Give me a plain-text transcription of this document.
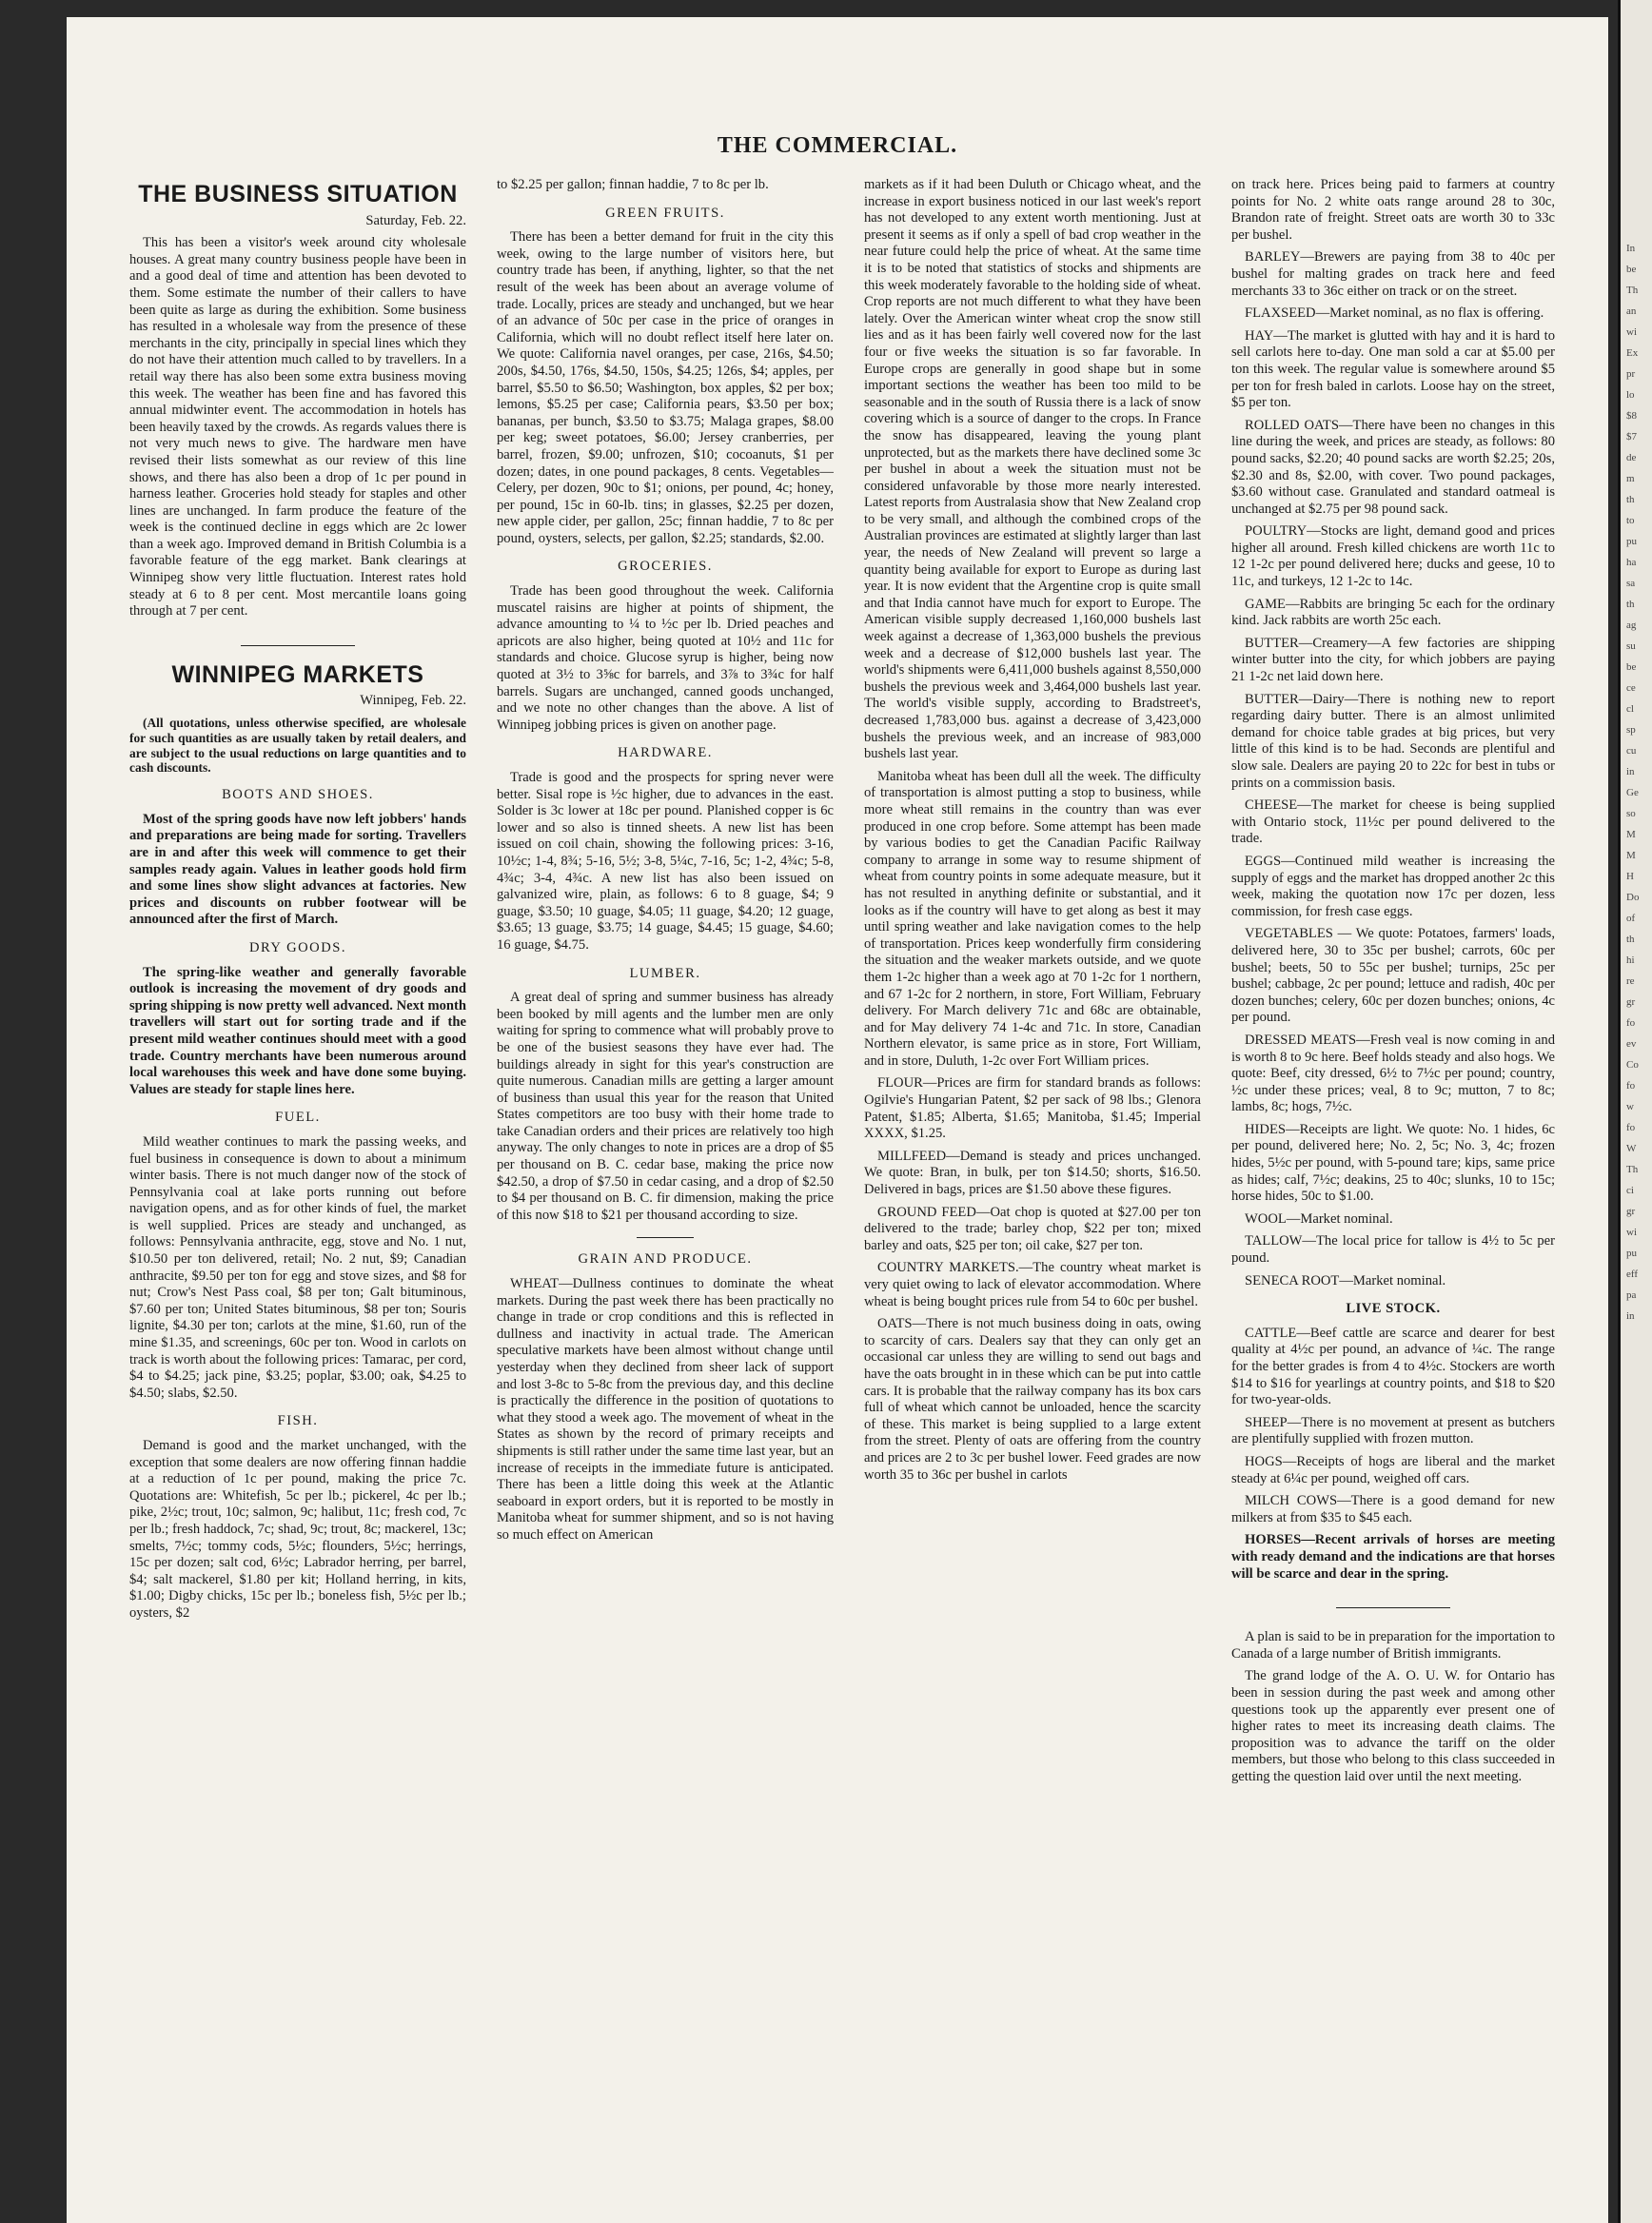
THE COMMERCIAL.
THE BUSINESS SITUATION
Saturday, Feb. 22.

This has been a visitor's week around city wholesale houses. A great many country business people have been in and a good deal of time and attention has been devoted to them. Some estimate the number of their callers to have been quite as large as during the exhibition. Some business has resulted in a wholesale way from the presence of these merchants in the city, principally in special lines which they do not have their attention much called to by travellers. In a retail way there has also been some extra business moving this week. The weather has been fine and has favored this annual midwinter event. The accommodation in hotels has been heavily taxed by the crowds. As regards values there is not very much news to give. The hardware men have revised their lists somewhat as our review of this line shows, and there has also been a drop of 1c per pound in harness leather. Groceries hold steady for staples and other lines are unchanged. In farm produce the feature of the week is the continued decline in eggs which are 2c lower than a week ago. Improved demand in British Columbia is a favorable feature of the egg market. Bank clearings at Winnipeg show very little fluctuation. Interest rates hold steady at 6 to 8 per cent. Most mercantile loans going through at 7 per cent.

WINNIPEG MARKETS
Winnipeg, Feb. 22.

(All quotations, unless otherwise specified, are wholesale for such quantities as are usually taken by retail dealers, and are subject to the usual reductions on large quantities and to cash discounts.

BOOTS AND SHOES.

Most of the spring goods have now left jobbers' hands and preparations are being made for sorting. Travellers are in and after this week will commence to get their samples ready again. Values in leather goods hold firm and some lines show slight advances at factories. New prices and discounts on rubber footwear will be announced after the first of March.

DRY GOODS.

The spring-like weather and generally favorable outlook is increasing the movement of dry goods and spring shipping is now pretty well advanced. Next month travellers will start out for sorting trade and if the present mild weather continues should meet with a good trade. Country merchants have been numerous around local warehouses this week and have done some buying. Values are steady for staple lines here.

FUEL.

Mild weather continues to mark the passing weeks, and fuel business in consequence is down to about a minimum winter basis. There is not much danger now of the stock of Pennsylvania coal at lake ports running out before navigation opens, and as for other kinds of fuel, the market is well supplied. Prices are steady and unchanged, as follows: Pennsylvania anthracite, egg, stove and No. 1 nut, $10.50 per ton delivered, retail; No. 2 nut, $9; Canadian anthracite, $9.50 per ton for egg and stove sizes, and $8 for nut; Crow's Nest Pass coal, $8 per ton; Galt bituminous, $7.60 per ton; United States bituminous, $8 per ton; Souris lignite, $4.30 per ton; carlots at the mine, $1.60, run of the mine $1.35, and screenings, 60c per ton. Wood in carlots on track is worth about the following prices: Tamarac, per cord, $4 to $4.25; jack pine, $3.25; poplar, $3.00; oak, $4.25 to $4.50; slabs, $2.50.

FISH.

Demand is good and the market unchanged, with the exception that some dealers are now offering finnan haddie at a reduction of 1c per pound, making the price 7c. Quotations are: Whitefish, 5c per lb.; pickerel, 4c per lb.; pike, 2½c; trout, 10c; salmon, 9c; halibut, 11c; fresh cod, 7c per lb.; fresh haddock, 7c; shad, 9c; trout, 8c; mackerel, 13c; smelts, 7½c; tommy cods, 5½c; flounders, 5½c; herrings, 15c per dozen; salt cod, 6½c; Labrador herring, per barrel, $4; salt mackerel, $1.80 per kit; Holland herring, in kits, $1.00; Digby chicks, 15c per lb.; boneless fish, 5½c per lb.; oysters, $2

to $2.25 per gallon; finnan haddie, 7 to 8c per lb.

GREEN FRUITS.

There has been a better demand for fruit in the city this week, owing to the large number of visitors here, but country trade has been, if anything, lighter, so that the net result of the week has been about an average volume of trade. Locally, prices are steady and unchanged, but we hear of an advance of 50c per case in the price of oranges in California, which will no doubt reflect itself here later on. We quote: California navel oranges, per case, 216s, $4.50; 200s, $4.50, 176s, $4.50, 150s, $4.25; 126s, $4; apples, per barrel, $5.50 to $6.50; Washington, box apples, $2 per box; lemons, $5.25 per case; California pears, $3.50 per box; bananas, per bunch, $3.50 to $3.75; Malaga grapes, $8.00 per keg; sweet potatoes, $6.00; Jersey cranberries, per barrel, frozen, $9.00; unfrozen, $10; cocoanuts, $1 per dozen; dates, in one pound packages, 8 cents. Vegetables—Celery, per dozen, 90c to $1; onions, per pound, 4c; honey, per pound, 15c in 60-lb. tins; in glasses, $2.25 per dozen, new apple cider, per gallon, 25c; finnan haddie, 7 to 8c per pound, oysters, selects, per gallon, $2.25; standards, $2.00.

GROCERIES.

Trade has been good throughout the week. California muscatel raisins are higher at points of shipment, the advance amounting to ¼ to ½c per lb. Dried peaches and apricots are also higher, being quoted at 10½ and 11c for standards and choice. Glucose syrup is higher, being now quoted at 3½ to 3⅝c for barrels, and 3⅞ to 3¾c for half barrels. Sugars are unchanged, canned goods unchanged, and we note no other changes than the above. A list of Winnipeg jobbing prices is given on another page.

HARDWARE.

Trade is good and the prospects for spring never were better. Sisal rope is ½c higher, due to advances in the east. Solder is 3c lower at 18c per pound. Planished copper is 6c lower and so also is tinned sheets. A new list has been issued on coil chain, showing the following prices: 3-16, 10½c; 1-4, 8¾; 5-16, 5½; 3-8, 5¼c, 7-16, 5c; 1-2, 4¾c; 5-8, 4¾c; 3-4, 4¾c. A new list has also been issued on galvanized wire, plain, as follows: 6 to 8 guage, $4; 9 guage, $3.50; 10 guage, $4.05; 11 guage, $4.20; 12 guage, $3.65; 13 guage, $3.75; 14 guage, $4.45; 15 guage, $4.60; 16 guage, $4.75.

LUMBER.

A great deal of spring and summer business has already been booked by mill agents and the lumber men are only waiting for spring to commence what will probably prove to be one of the busiest seasons they have ever had. The buildings already in sight for this year's construction are quite numerous. Canadian mills are getting a larger amount of business than usual this year for the reason that United States competitors are too busy with their home trade to take Canadian orders and their prices are relatively too high anyway. The only changes to note in prices are a drop of $5 per thousand on B. C. cedar base, making the price now $42.50, a drop of $7.50 in cedar casing, and a drop of $2.50 to $4 per thousand on B. C. fir dimension, making the price of this now $18 to $21 per thousand according to size.

GRAIN AND PRODUCE.

WHEAT—Dullness continues to dominate the wheat markets. During the past week there has been practically no change in trade or crop conditions and this is reflected in dullness and inactivity in actual trade. The American speculative markets have been almost without change until yesterday when they declined from sheer lack of support and lost 3-8c to 5-8c from the previous day, and this decline is practically the difference in the position of quotations to what they stood a week ago. The movement of wheat in the States as shown by the record of primary receipts and shipments is still rather under the same time last year, but an increase of receipts in the immediate future is anticipated. There has been a little doing this week at the Atlantic seaboard in export orders, but it is reported to be mostly in Manitoba wheat for summer shipment, and so is not having so much effect on American

markets as if it had been Duluth or Chicago wheat, and the increase in export business noticed in our last week's report has not developed to any extent worth mentioning. Just at present it seems as if only a spell of bad crop weather in the near future could help the price of wheat. At the same time it is to be noted that statistics of stocks and shipments are this week moderately favorable to the holding side of wheat. Crop reports are not much different to what they have been lately. Over the American winter wheat crop the snow still lies and as it has been fairly well covered now for the last four or five weeks the situation is so far favorable. In Europe crops are generally in good shape but in some important sections the weather has been too mild to be seasonable and in the south of Russia there is a lack of snow covering which is a source of danger to the crops. In France the snow has disappeared, leaving the young plant unprotected, but as the markets there have declined some 3c per bushel in about a week the situation must not be considered unfavorable by those more nearly interested. Latest reports from Australasia show that New Zealand crop to be very small, and although the combined crops of the Australian provinces are estimated at slightly larger than last year, the needs of New Zealand will prevent so large a quantity being available for export to Europe as during last year. It is now evident that the Argentine crop is quite small and that India cannot have much for export to Europe. The American visible supply decreased 1,160,000 bushels last week against a decrease of 1,363,000 bushels the previous week and a decrease of $12,000 bushels last year. The world's shipments were 6,411,000 bushels against 8,550,000 bushels the previous week and 3,464,000 bushels last year. The world's visible supply, according to Bradstreet's, decreased 1,783,000 bus. against a decrease of 3,423,000 bushels the previous week, and an increase of 983,000 bushels last year.

Manitoba wheat has been dull all the week. The difficulty of transportation is almost putting a stop to business, while more wheat still remains in the country than was ever produced in one crop before. Some attempt has been made by various bodies to get the Canadian Pacific Railway company to arrange in some way to resume shipment of wheat from country points in some adequate measure, but it has not resulted in anything definite or substantial, and it looks as if the country will have to get along as best it may until spring weather and lake navigation comes to the help of transportation. Prices keep wonderfully firm considering the situation and the weaker markets outside, and we quote them 1-2c higher than a week ago at 70 1-2c for 1 northern, and 67 1-2c for 2 northern, in store, Fort William, February delivery. For March delivery 71c and 68c are obtainable, and for May delivery 74 1-4c and 71c. In store, Canadian Northern elevator, is same price as in store, Fort William, and in store, Duluth, 1-2c over Fort William prices.

FLOUR—Prices are firm for standard brands as follows: Ogilvie's Hungarian Patent, $2 per sack of 98 lbs.; Glenora Patent, $1.85; Alberta, $1.65; Manitoba, $1.45; Imperial XXXX, $1.25.

MILLFEED—Demand is steady and prices unchanged. We quote: Bran, in bulk, per ton $14.50; shorts, $16.50. Delivered in bags, prices are $1.50 above these figures.

GROUND FEED—Oat chop is quoted at $27.00 per ton delivered to the trade; barley chop, $22 per ton; mixed barley and oats, $25 per ton; oil cake, $27 per ton.

COUNTRY MARKETS.—The country wheat market is very quiet owing to lack of elevator accommodation. Where wheat is being bought prices rule from 54 to 60c per bushel.

OATS—There is not much business doing in oats, owing to scarcity of cars. Dealers say that they can only get an occasional car unless they are willing to send out bags and have the oats brought in in these which can be put into cattle cars. It is probable that the railway company has its box cars full of wheat which cannot be unloaded, hence the scarcity of these. This market is being supplied to a large extent from the street. Plenty of oats are offering from the country and prices are 2 to 3c per bushel lower. Feed grades are now worth 35 to 36c per bushel in carlots

on track here. Prices being paid to farmers at country points for No. 2 white oats range around 28 to 30c, Brandon rate of freight. Street oats are worth 30 to 33c per bushel.

BARLEY—Brewers are paying from 38 to 40c per bushel for malting grades on track here and feed merchants 33 to 36c either on track or on the street.

FLAXSEED—Market nominal, as no flax is offering.

HAY—The market is glutted with hay and it is hard to sell carlots here to-day. One man sold a car at $5.00 per ton this week. The regular value is somewhere around $5 per ton for fresh baled in carlots. Loose hay on the street, $5 per ton.

ROLLED OATS—There have been no changes in this line during the week, and prices are steady, as follows: 80 pound sacks, $2.20; 40 pound sacks are worth $2.25; 20s, $2.30 and 8s, $2.00, with cover. Two pound packages, $3.60 without case. Granulated and standard oatmeal is unchanged at $2.75 per 98 pound sack.

POULTRY—Stocks are light, demand good and prices higher all around. Fresh killed chickens are worth 11c to 12 1-2c per pound delivered here; ducks and geese, 10 to 11c, and turkeys, 12 1-2c to 14c.

GAME—Rabbits are bringing 5c each for the ordinary kind. Jack rabbits are worth 25c each.

BUTTER—Creamery—A few factories are shipping winter butter into the city, for which jobbers are paying 21 1-2c net laid down here.

BUTTER—Dairy—There is nothing new to report regarding dairy butter. There is an almost unlimited demand for choice table grades at big prices, but very little of this kind is to be had. Seconds are plentiful and slow sale. Dealers are paying 20 to 22c for best in tubs or prints on a commission basis.

CHEESE—The market for cheese is being supplied with Ontario stock, 11½c per pound delivered to the trade.

EGGS—Continued mild weather is increasing the supply of eggs and the market has dropped another 2c this week, making the quotation now 17c per dozen, less commission, for fresh case eggs.

VEGETABLES — We quote: Potatoes, farmers' loads, delivered here, 30 to 35c per bushel; carrots, 60c per bushel; beets, 50 to 55c per bushel; turnips, 25c per bushel; cabbage, 2c per pound; lettuce and radish, 40c per dozen bunches; celery, 60c per dozen bunches; onions, 4c per pound.

DRESSED MEATS—Fresh veal is now coming in and is worth 8 to 9c here. Beef holds steady and also hogs. We quote: Beef, city dressed, 6½ to 7½c per pound; country, ½c under these prices; veal, 8 to 9c; mutton, 7 to 8c; lambs, 8c; hogs, 7½c.

HIDES—Receipts are light. We quote: No. 1 hides, 6c per pound, delivered here; No. 2, 5c; No. 3, 4c; frozen hides, 5½c per pound, with 5-pound tare; kips, same price as hides; calf, 7½c; deakins, 25 to 40c; slunks, 10 to 15c; horse hides, 50c to $1.00.

WOOL—Market nominal.

TALLOW—The local price for tallow is 4½ to 5c per pound.

SENECA ROOT—Market nominal.

LIVE STOCK.

CATTLE—Beef cattle are scarce and dearer for best quality at 4½c per pound, an advance of ¼c. The range for the better grades is from 4 to 4½c. Stockers are worth $14 to $16 for yearlings at country points, and $18 to $20 for two-year-olds.

SHEEP—There is no movement at present as butchers are plentifully supplied with frozen mutton.

HOGS—Receipts of hogs are liberal and the market steady at 6¼c per pound, weighed off cars.

MILCH COWS—There is a good demand for new milkers at from $35 to $45 each.

HORSES—Recent arrivals of horses are meeting with ready demand and the indications are that horses will be scarce and dear in the spring.

A plan is said to be in preparation for the importation to Canada of a large number of British immigrants.

The grand lodge of the A. O. U. W. for Ontario has been in session during the past week and among other questions took up the apparently ever present one of higher rates to meet its increasing death claims. The proposition was to advance the tariff on the older members, but those who belong to this class succeeded in getting the question laid over until the next meeting.

In
be
Th
an
wi
Ex
pr
lo
$8
$7
de
m
th
to
pu
ha
sa
th
ag
su
be
ce
cl
sp
cu
in
Ge
so
M
M
H
Do
of
th
hi
re
gr
fo
ev
Co
fo
w
fo
W
Th
ci
gr
wi
pu
eff
pa
in
